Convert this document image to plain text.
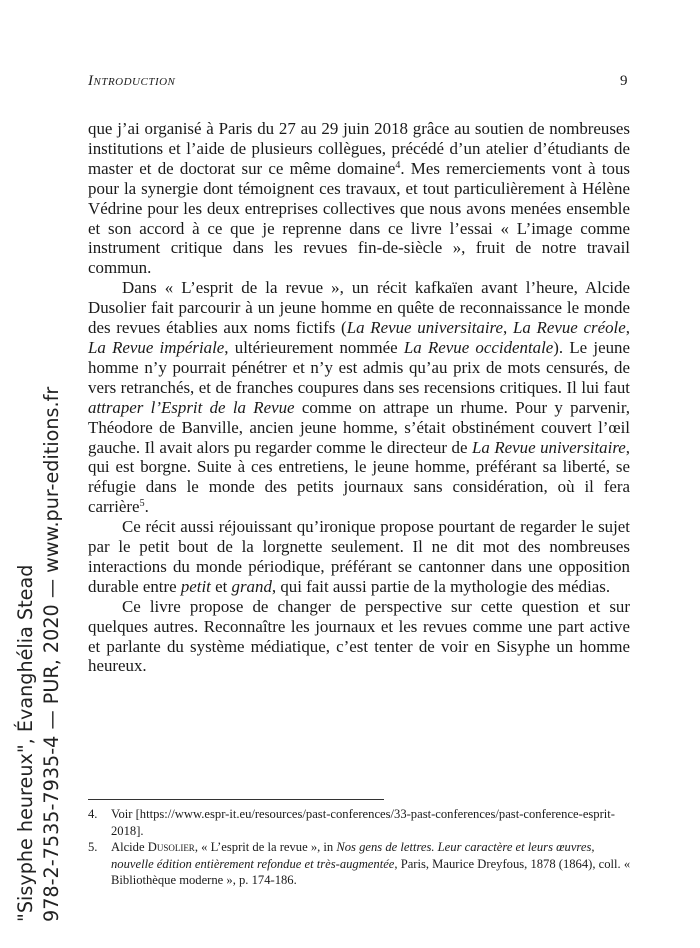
Introduction	9

que j’ai organisé à Paris du 27 au 29 juin 2018 grâce au soutien de nombreuses institutions et l’aide de plusieurs collègues, précédé d’un atelier d’étudiants de master et de doctorat sur ce même domaine$^4$. Mes remerciements vont à tous pour la synergie dont témoignent ces travaux, et tout particulièrement à Hélène Védrine pour les deux entreprises collectives que nous avons menées ensemble et son accord à ce que je reprenne dans ce livre l’essai « L’image comme instrument critique dans les revues fin-de-siècle », fruit de notre travail commun.

Dans « L’esprit de la revue », un récit kafkaïen avant l’heure, Alcide Dusolier fait parcourir à un jeune homme en quête de reconnaissance le monde des revues établies aux noms fictifs (La Revue universitaire, La Revue créole, La Revue impériale, ultérieurement nommée La Revue occidentale). Le jeune homme n’y pourrait pénétrer et n’y est admis qu’au prix de mots censurés, de vers retranchés, et de franches coupures dans ses recensions critiques. Il lui faut attraper l’Esprit de la Revue comme on attrape un rhume. Pour y parvenir, Théodore de Banville, ancien jeune homme, s’était obstinément couvert l’œil gauche. Il avait alors pu regarder comme le directeur de La Revue universitaire, qui est borgne. Suite à ces entretiens, le jeune homme, préférant sa liberté, se réfugie dans le monde des petits journaux sans considération, où il fera carrière$^5$.

Ce récit aussi réjouissant qu’ironique propose pourtant de regarder le sujet par le petit bout de la lorgnette seulement. Il ne dit mot des nombreuses interactions du monde périodique, préférant se cantonner dans une opposition durable entre petit et grand, qui fait aussi partie de la mythologie des médias.

Ce livre propose de changer de perspective sur cette question et sur quelques autres. Reconnaître les journaux et les revues comme une part active et parlante du système médiatique, c’est tenter de voir en Sisyphe un homme heureux.

4. Voir [https://www.espr-it.eu/resources/past-conferences/33-past-conferences/past-conference-esprit-2018].
5. Alcide Dusolier, « L’esprit de la revue », in Nos gens de lettres. Leur caractère et leurs œuvres, nouvelle édition entièrement refondue et très-augmentée, Paris, Maurice Dreyfous, 1878 (1864), coll. « Bibliothèque moderne », p. 174-186.
"Sisyphe heureux", Évanghélia Stead 978-2-7535-7935-4 — PUR, 2020 — www.pur-editions.fr
